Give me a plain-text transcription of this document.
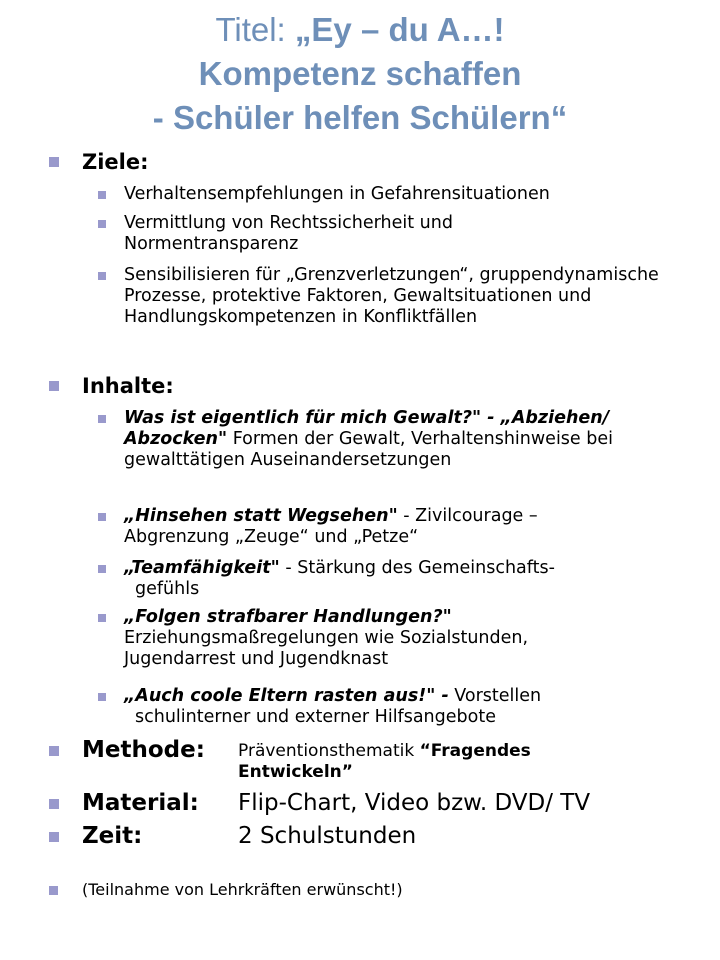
Titel: „Ey – du A…!
Kompetenz schaffen
- Schüler helfen Schülern“
Ziele:
Verhaltensempfehlungen in Gefahrensituationen
Vermittlung von Rechtssicherheit und Normentransparenz
Sensibilisieren für „Grenzverletzungen“, gruppendynamische Prozesse, protektive Faktoren, Gewaltsituationen und Handlungskompetenzen in Konfliktfällen
Inhalte:
Was ist eigentlich für mich Gewalt?" - „Abziehen/ Abzocken" Formen der Gewalt, Verhaltenshinweise bei gewalttätigen Auseinandersetzungen
„Hinsehen statt Wegsehen" - Zivilcourage – Abgrenzung „Zeuge“ und „Petze“
„Teamfähigkeit" - Stärkung des Gemeinschafts-
gefühls
„Folgen strafbarer Handlungen?" Erziehungsmaßregelungen wie Sozialstunden, Jugendarrest und Jugendknast
„Auch coole Eltern rasten aus!" - Vorstellen
schulinterner und externer Hilfsangebote
Methode: Präventionsthematik “Fragendes
Entwickeln”
Material: Flip-Chart, Video bzw. DVD/ TV
Zeit:	2 Schulstunden
(Teilnahme von Lehrkräften erwünscht!)
